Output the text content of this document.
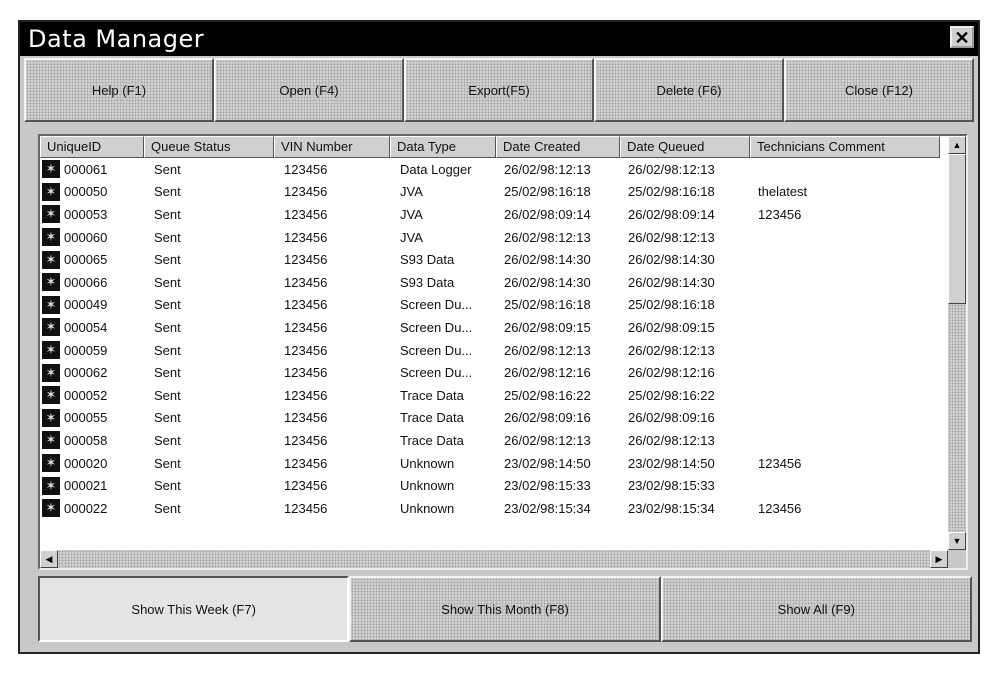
Data Manager	✕
Help (F1)	Open (F4)	Export(F5)	Delete (F6)	Close (F12)
UniqueID	Queue Status	VIN Number	Data Type	Date Created	Date Queued	Technicians Comment
✶ 000061	Sent	123456	Data Logger	26/02/98:12:13	26/02/98:12:13
✶ 000050	Sent	123456	JVA	25/02/98:16:18	25/02/98:16:18	thelatest
✶ 000053	Sent	123456	JVA	26/02/98:09:14	26/02/98:09:14	123456
✶ 000060	Sent	123456	JVA	26/02/98:12:13	26/02/98:12:13
✶ 000065	Sent	123456	S93 Data	26/02/98:14:30	26/02/98:14:30
✶ 000066	Sent	123456	S93 Data	26/02/98:14:30	26/02/98:14:30
✶ 000049	Sent	123456	Screen Du...	25/02/98:16:18	25/02/98:16:18
✶ 000054	Sent	123456	Screen Du...	26/02/98:09:15	26/02/98:09:15
✶ 000059	Sent	123456	Screen Du...	26/02/98:12:13	26/02/98:12:13
✶ 000062	Sent	123456	Screen Du...	26/02/98:12:16	26/02/98:12:16
✶ 000052	Sent	123456	Trace Data	25/02/98:16:22	25/02/98:16:22
✶ 000055	Sent	123456	Trace Data	26/02/98:09:16	26/02/98:09:16
✶ 000058	Sent	123456	Trace Data	26/02/98:12:13	26/02/98:12:13
✶ 000020	Sent	123456	Unknown	23/02/98:14:50	23/02/98:14:50	123456
✶ 000021	Sent	123456	Unknown	23/02/98:15:33	23/02/98:15:33
✶ 000022	Sent	123456	Unknown	23/02/98:15:34	23/02/98:15:34	123456
▲
▼
◀	▶
Show This Week (F7)	Show This Month (F8)	Show All (F9)
